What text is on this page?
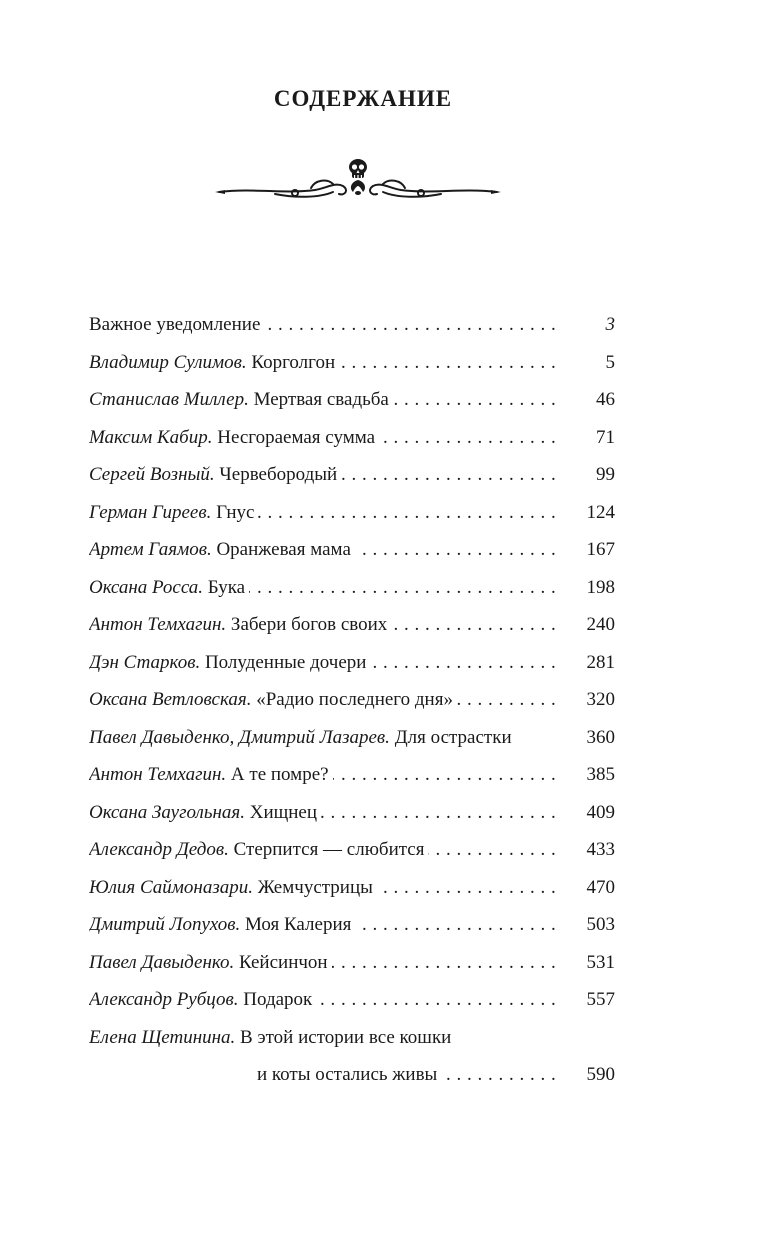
СОДЕРЖАНИЕ
Важное уведомление . . .	3
Владимир Сулимов. Корголгон . . .	5
Станислав Миллер. Мертвая свадьба . . .	46
Максим Кабир. Несгораемая сумма . . .	71
Сергей Возный. Червебородый . . .	99
Герман Гиреев. Гнус . . .	124
Артем Гаямов. Оранжевая мама . . .	167
Оксана Росса. Бука . . .	198
Антон Темхагин. Забери богов своих . . .	240
Дэн Старков. Полуденные дочери . . .	281
Оксана Ветловская. «Радио последнего дня» . . .	320
Павел Давыденко, Дмитрий Лазарев. Для острастки	360
Антон Темхагин. А те помре? . . .	385
Оксана Заугольная. Хищнец . . .	409
Александр Дедов. Стерпится — слюбится . . .	433
Юлия Саймоназари. Жемчустрицы . . .	470
Дмитрий Лопухов. Моя Калерия . . .	503
Павел Давыденко. Кейсинчон . . .	531
Александр Рубцов. Подарок . . .	557
Елена Щетинина. В этой истории все кошки
и коты остались живы . . .	590
